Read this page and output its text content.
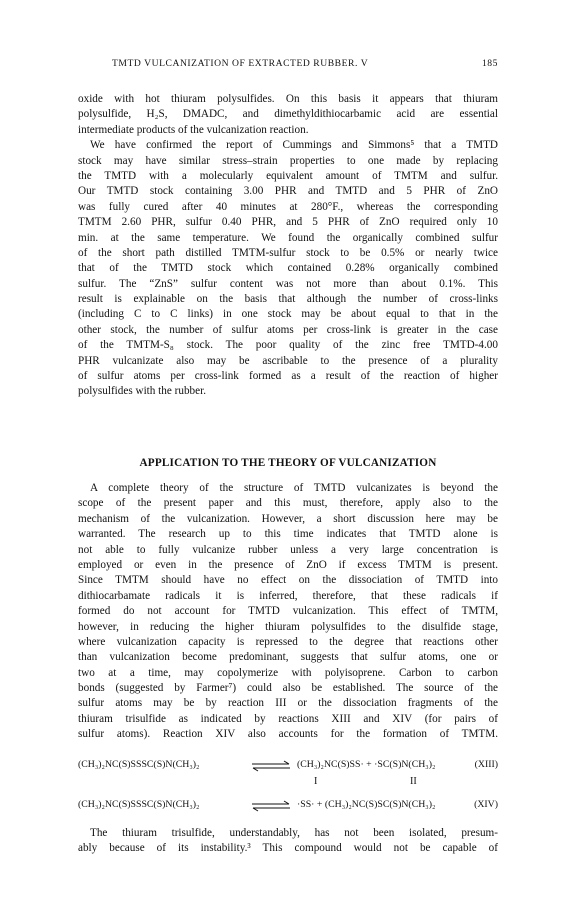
TMTD VULCANIZATION OF EXTRACTED RUBBER. V	185
oxide with hot thiuram polysulfides. On this basis it appears that thiuram
polysulfide, H₂S, DMADC, and dimethyldithiocarbamic acid are essential
intermediate products of the vulcanization reaction.
We have confirmed the report of Cummings and Simmons⁵ that a TMTD
stock may have similar stress–strain properties to one made by replacing
the TMTD with a molecularly equivalent amount of TMTM and sulfur.
Our TMTD stock containing 3.00 PHR and TMTD and 5 PHR of ZnO
was fully cured after 40 minutes at 280°F., whereas the corresponding
TMTM 2.60 PHR, sulfur 0.40 PHR, and 5 PHR of ZnO required only 10
min. at the same temperature. We found the organically combined sulfur
of the short path distilled TMTM-sulfur stock to be 0.5% or nearly twice
that of the TMTD stock which contained 0.28% organically combined
sulfur. The “ZnS” sulfur content was not more than about 0.1%. This
result is explainable on the basis that although the number of cross-links
(including C to C links) in one stock may be about equal to that in the
other stock, the number of sulfur atoms per cross-link is greater in the case
of the TMTM-S₈ stock. The poor quality of the zinc free TMTD-4.00
PHR vulcanizate also may be ascribable to the presence of a plurality
of sulfur atoms per cross-link formed as a result of the reaction of higher
polysulfides with the rubber.
APPLICATION TO THE THEORY OF VULCANIZATION
A complete theory of the structure of TMTD vulcanizates is beyond the
scope of the present paper and this must, therefore, apply also to the
mechanism of the vulcanization. However, a short discussion here may be
warranted. The research up to this time indicates that TMTD alone is
not able to fully vulcanize rubber unless a very large concentration is
employed or even in the presence of ZnO if excess TMTM is present.
Since TMTM should have no effect on the dissociation of TMTD into
dithiocarbamate radicals it is inferred, therefore, that these radicals if
formed do not account for TMTD vulcanization. This effect of TMTM,
however, in reducing the higher thiuram polysulfides to the disulfide stage,
where vulcanization capacity is repressed to the degree that reactions other
than vulcanization become predominant, suggests that sulfur atoms, one or
two at a time, may copolymerize with polyisoprene. Carbon to carbon
bonds (suggested by Farmer⁷) could also be established. The source of the
sulfur atoms may be by reaction III or the dissociation fragments of the
thiuram trisulfide as indicated by reactions XIII and XIV (for pairs of
sulfur atoms). Reaction XIV also accounts for the formation of TMTM.
(CH₃)₂NC(S)SSSC(S)N(CH₃)₂	(CH₃)₂NC(S)SS· + ·SC(S)N(CH₃)₂	(XIII)
I	II
(CH₃)₂NC(S)SSSC(S)N(CH₃)₂	·SS· + (CH₃)₂NC(S)SC(S)N(CH₃)₂	(XIV)
The thiuram trisulfide, understandably, has not been isolated, presum-
ably because of its instability.³ This compound would not be capable of
